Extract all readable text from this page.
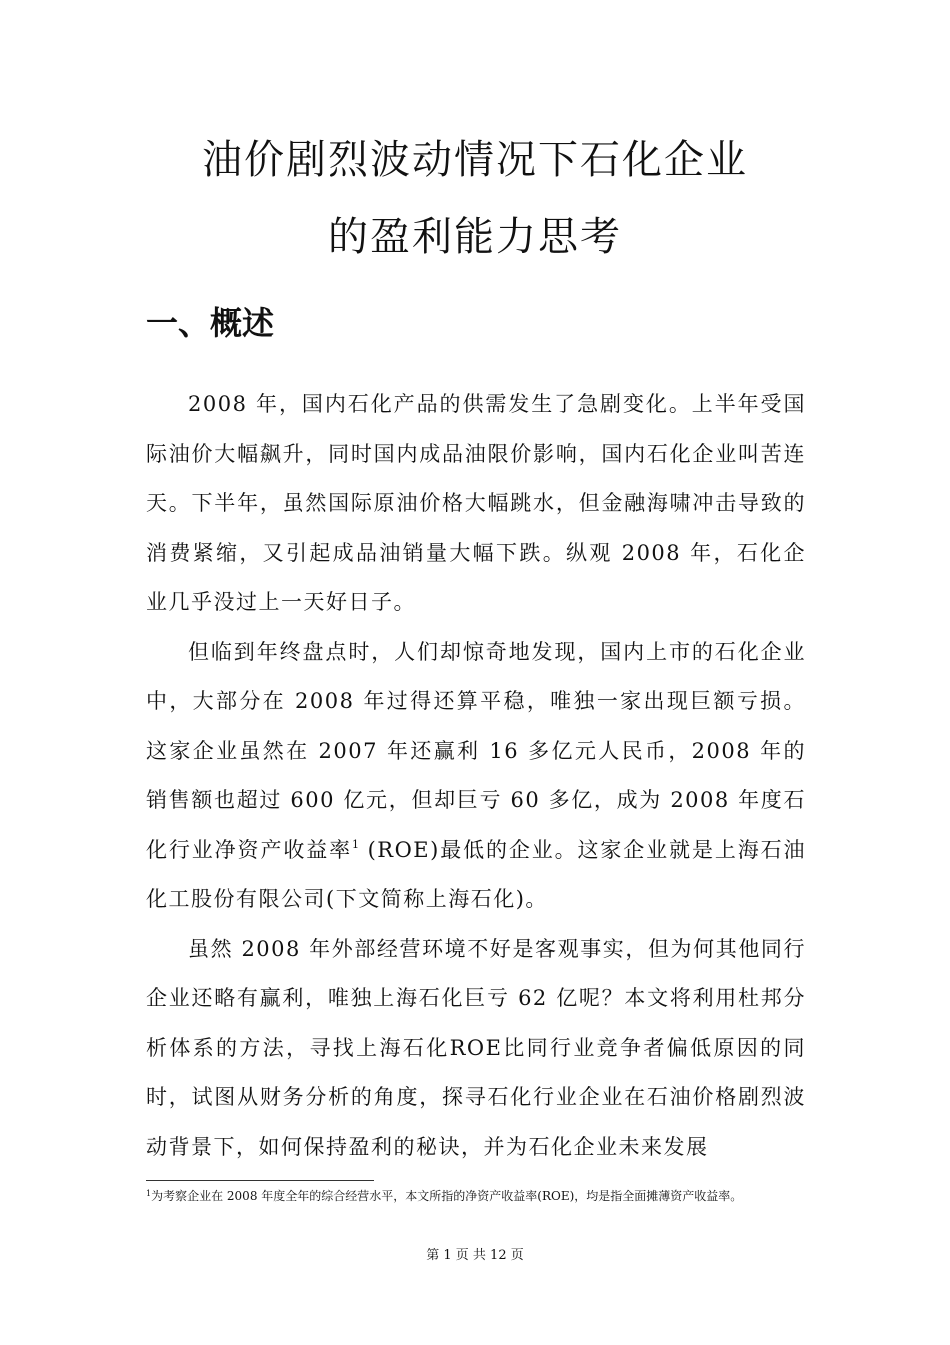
油价剧烈波动情况下石化企业
的盈利能力思考
一、概述

2008 年，国内石化产品的供需发生了急剧变化。上半年受国际油价大幅飙升，同时国内成品油限价影响，国内石化企业叫苦连天。下半年，虽然国际原油价格大幅跳水，但金融海啸冲击导致的消费紧缩，又引起成品油销量大幅下跌。纵观 2008 年，石化企业几乎没过上一天好日子。

但临到年终盘点时，人们却惊奇地发现，国内上市的石化企业中，大部分在 2008 年过得还算平稳，唯独一家出现巨额亏损。这家企业虽然在 2007 年还赢利 16 多亿元人民币，2008 年的销售额也超过 600 亿元，但却巨亏 60 多亿，成为 2008 年度石化行业净资产收益率$^1$ (ROE)最低的企业。这家企业就是上海石油化工股份有限公司(下文简称上海石化)。

虽然 2008 年外部经营环境不好是客观事实，但为何其他同行企业还略有赢利，唯独上海石化巨亏 62 亿呢？本文将利用杜邦分析体系的方法，寻找上海石化ROE比同行业竞争者偏低原因的同时，试图从财务分析的角度，探寻石化行业企业在石油价格剧烈波动背景下，如何保持盈利的秘诀，并为石化企业未来发展

$^1$为考察企业在 2008 年度全年的综合经营水平，本文所指的净资产收益率(ROE)，均是指全面摊薄资产收益率。

第 1 页 共 12 页
